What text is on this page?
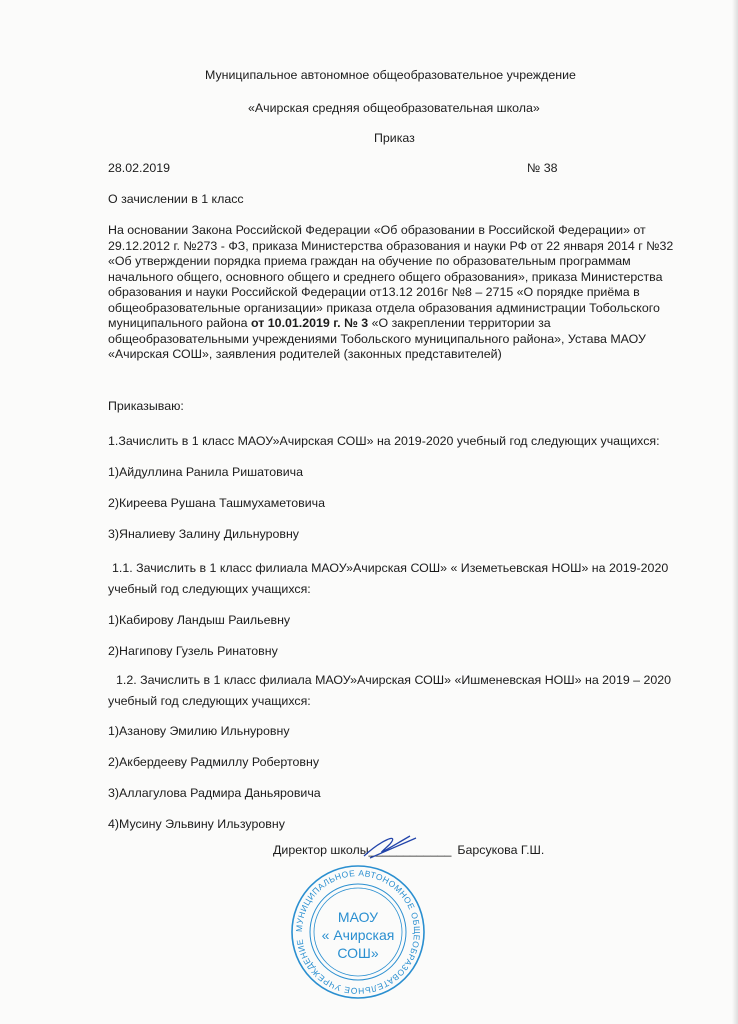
Муниципальное автономное общеобразовательное учреждение
«Ачирская средняя общеобразовательная школа»
Приказ
28.02.2019	№ 38
О зачислении в 1 класс
На основании Закона Российской Федерации «Об образовании в Российской Федерации» от
29.12.2012 г. №273 - ФЗ, приказа Министерства образования и науки РФ от 22 января 2014 г №32
«Об утверждении порядка приема граждан на обучение по образовательным программам
начального общего, основного общего и среднего общего образования», приказа Министерства
образования и науки Российской Федерации от13.12 2016г №8 – 2715 «О порядке приёма в
общеобразовательные организации» приказа отдела образования администрации Тобольского
муниципального района от 10.01.2019 г. № 3 «О закреплении территории за
общеобразовательными учреждениями Тобольского муниципального района», Устава МАОУ
«Ачирская СОШ», заявления родителей (законных представителей)
Приказываю:
1.Зачислить в 1 класс МАОУ»Ачирская СОШ» на 2019-2020 учебный год следующих учащихся:
1)Айдуллина Ранила Ришатовича
2)Киреева Рушана Ташмухаметовича
3)Яналиеву Залину Дильнуровну
1.1. Зачислить в 1 класс филиала МАОУ»Ачирская СОШ» « Иземетьевская НОШ» на 2019-2020
учебный год следующих учащихся:
1)Кабирову Ландыш Раильевну
2)Нагипову Гузель Ринатовну
1.2. Зачислить в 1 класс филиала МАОУ»Ачирская СОШ» «Ишменевская НОШ» на 2019 – 2020
учебный год следующих учащихся:
1)Азанову Эмилию Ильнуровну
2)Акбердееву Радмиллу Робертовну
3)Аллагулова Радмира Даньяровича
4)Мусину Эльвину Ильзуровну
Директор школы____________ Барсукова Г.Ш.
МУНИЦИПАЛЬНОЕ АВТОНОМНОЕ ОБЩЕОБРАЗОВАТЕЛЬНОЕ УЧРЕЖДЕНИЕ
МАОУ
« Ачирская
СОШ»
